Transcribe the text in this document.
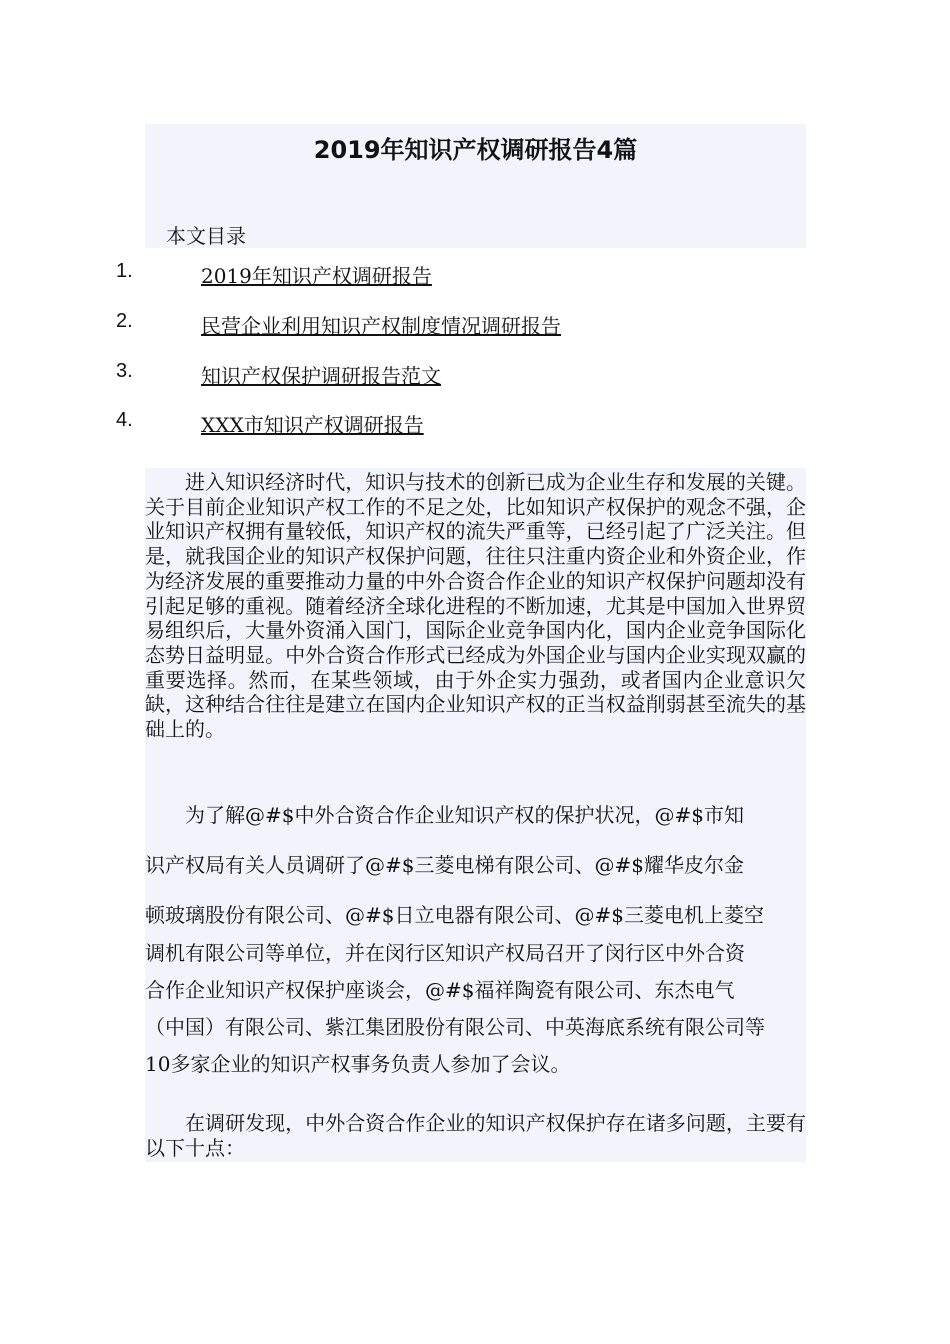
2019年知识产权调研报告4篇
本文目录
1.	2019年知识产权调研报告
2.	民营企业利用知识产权制度情况调研报告
3.	知识产权保护调研报告范文
4.	XXX市知识产权调研报告

进入知识经济时代，知识与技术的创新已成为企业生存和发展的关键。关于目前企业知识产权工作的不足之处，比如知识产权保护的观念不强，企业知识产权拥有量较低，知识产权的流失严重等，已经引起了广泛关注。但是，就我国企业的知识产权保护问题，往往只注重内资企业和外资企业，作为经济发展的重要推动力量的中外合资合作企业的知识产权保护问题却没有引起足够的重视。随着经济全球化进程的不断加速，尤其是中国加入世界贸易组织后，大量外资涌入国门，国际企业竞争国内化，国内企业竞争国际化态势日益明显。中外合资合作形式已经成为外国企业与国内企业实现双赢的重要选择。然而，在某些领域，由于外企实力强劲，或者国内企业意识欠缺，这种结合往往是建立在国内企业知识产权的正当权益削弱甚至流失的基础上的。

　　为了解@#$中外合资合作企业知识产权的保护状况，@#$市知
识产权局有关人员调研了@#$三菱电梯有限公司、@#$耀华皮尔金
顿玻璃股份有限公司、@#$日立电器有限公司、@#$三菱电机上菱空
调机有限公司等单位，并在闵行区知识产权局召开了闵行区中外合资
合作企业知识产权保护座谈会，@#$福祥陶瓷有限公司、东杰电气
（中国）有限公司、紫江集团股份有限公司、中英海底系统有限公司等
10多家企业的知识产权事务负责人参加了会议。

在调研发现，中外合资合作企业的知识产权保护存在诸多问题，主要有以下十点：
